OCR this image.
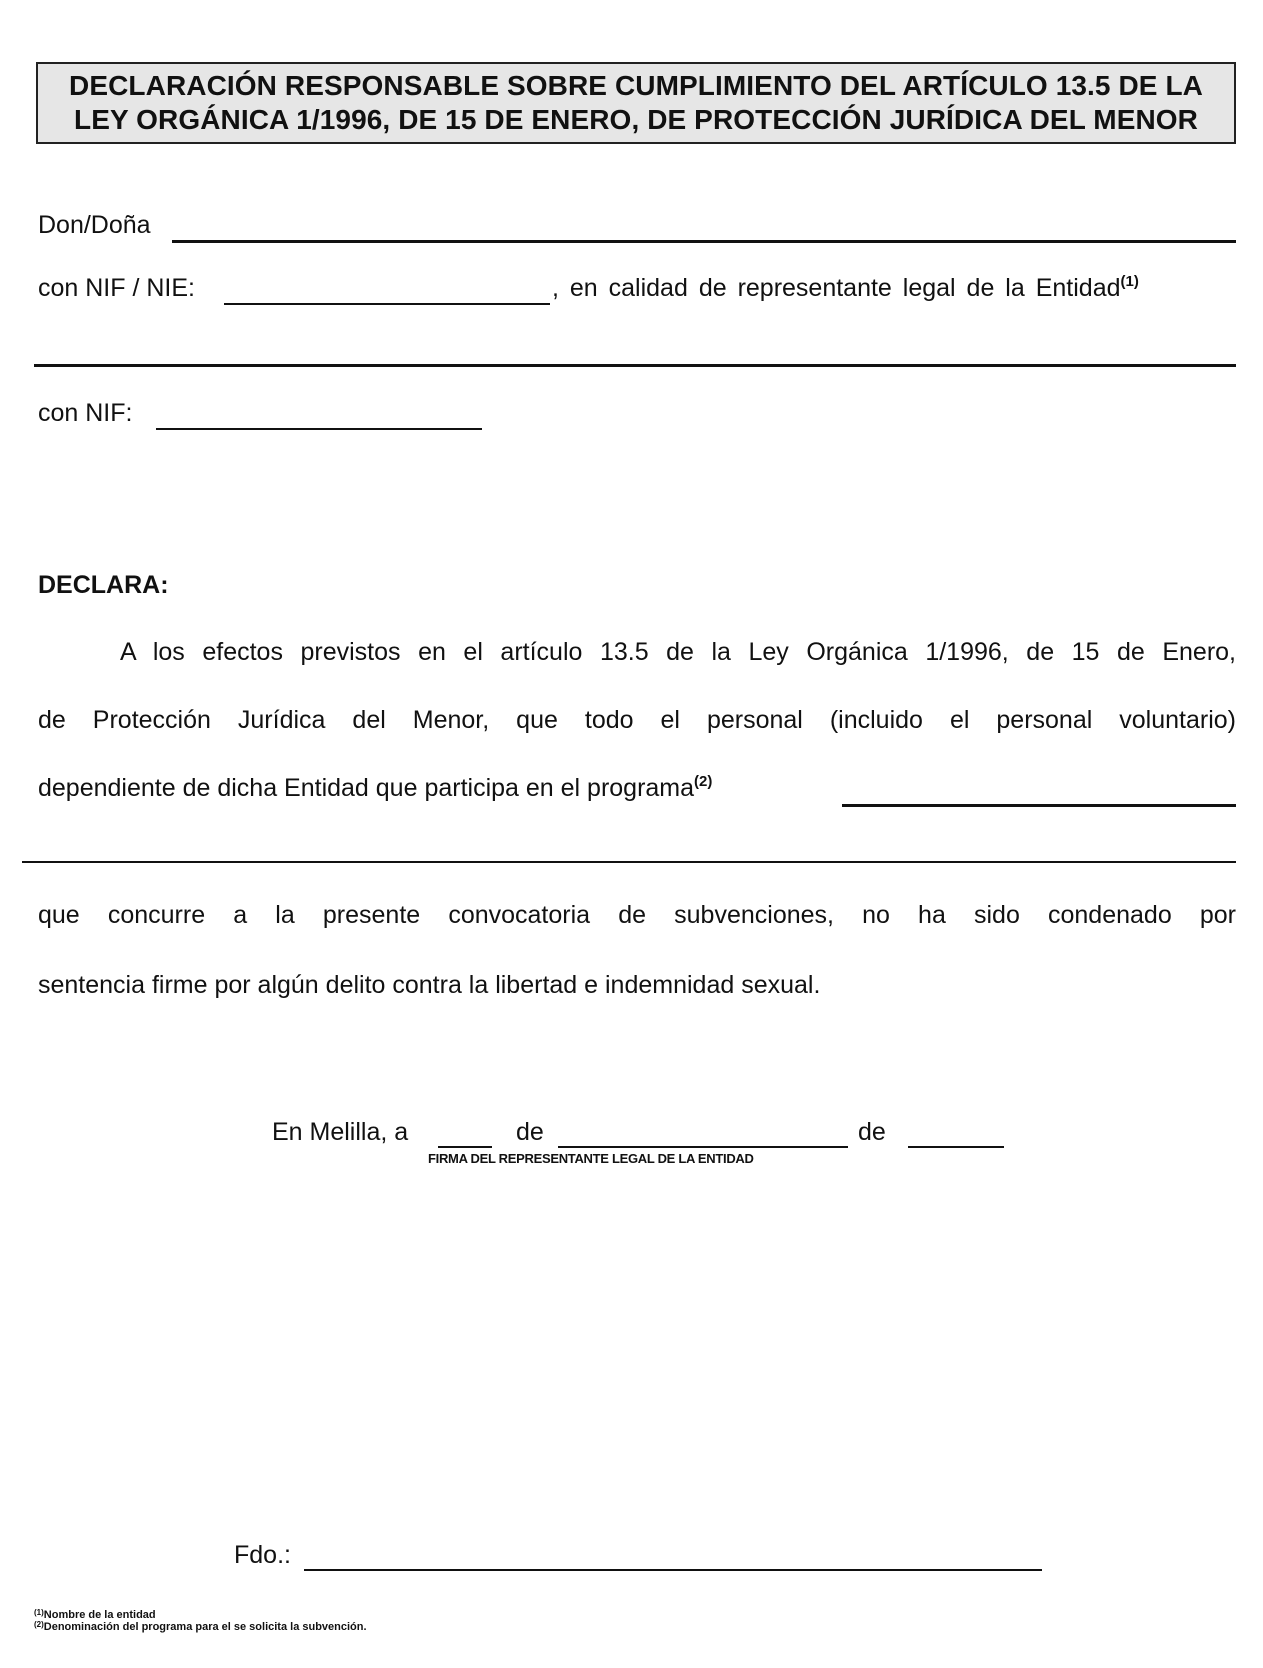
DECLARACIÓN RESPONSABLE SOBRE CUMPLIMIENTO DEL ARTÍCULO 13.5 DE LA
LEY ORGÁNICA 1/1996, DE 15 DE ENERO, DE PROTECCIÓN JURÍDICA DEL MENOR
Don/Doña
con NIF / NIE:	, en calidad de representante legal de la Entidad$^{(1)}$
con NIF:
DECLARA:
A los efectos previstos en el artículo 13.5 de la Ley Orgánica 1/1996, de 15 de Enero,
de Protección Jurídica del Menor, que todo el personal (incluido el personal voluntario)
dependiente de dicha Entidad que participa en el programa$^{(2)}$
que concurre a la presente convocatoria de subvenciones, no ha sido condenado por
sentencia firme por algún delito contra la libertad e indemnidad sexual.
En Melilla, a	de	de
FIRMA DEL REPRESENTANTE LEGAL DE LA ENTIDAD
Fdo.:
$^{(1)}$Nombre de la entidad
$^{(2)}$Denominación del programa para el se solicita la subvención.
